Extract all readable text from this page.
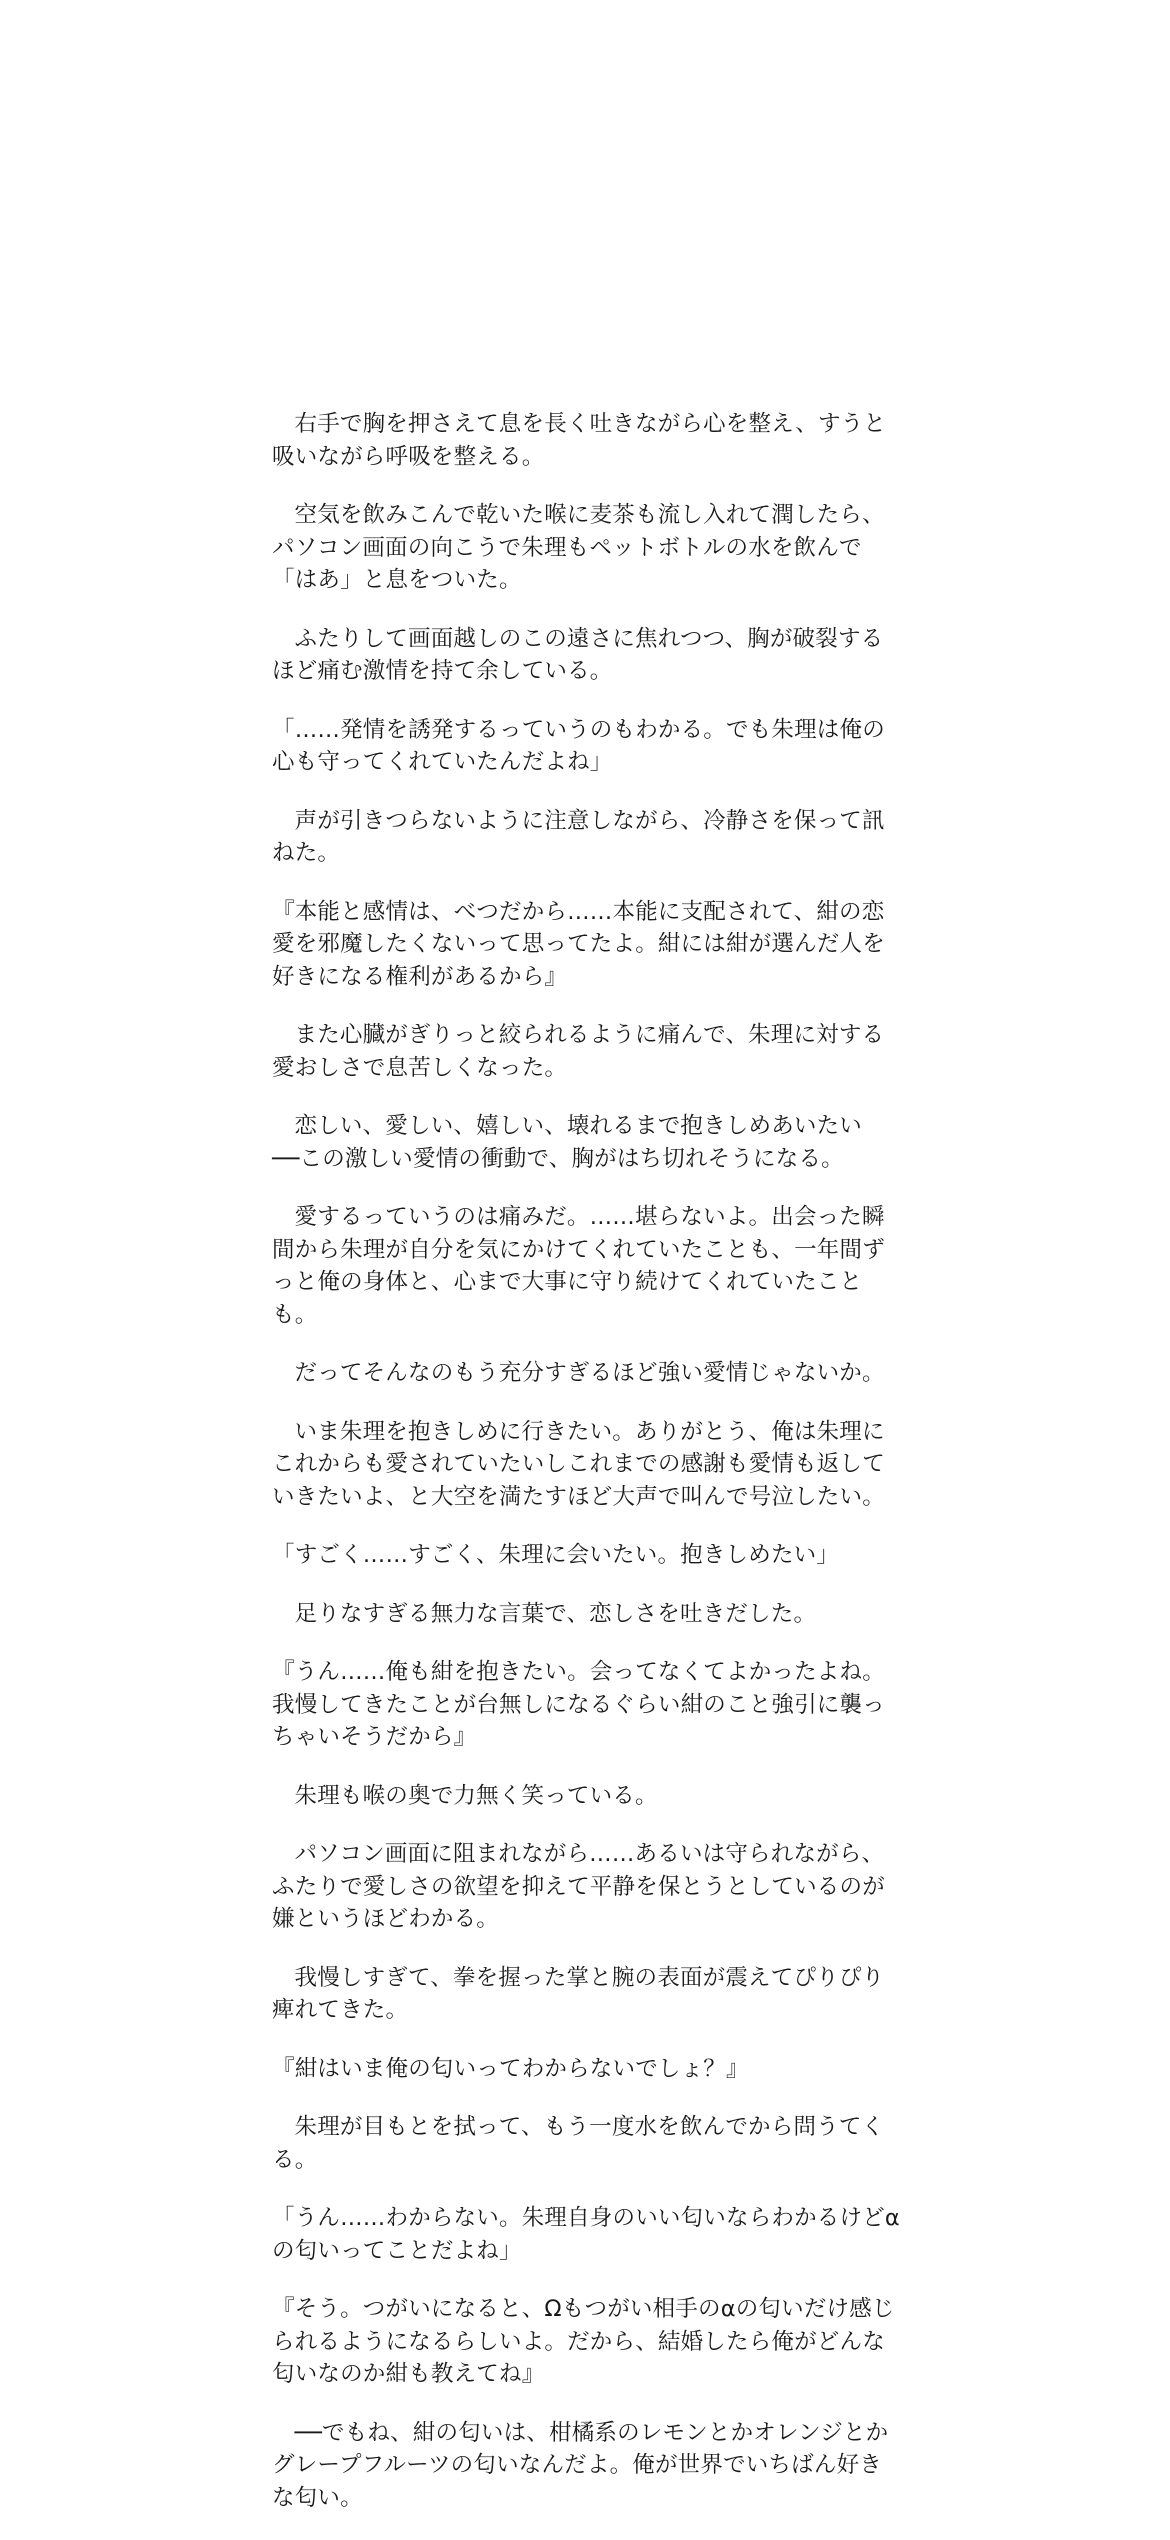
右手で胸を押さえて息を長く吐きながら心を整え、すうと吸いながら呼吸を整える。

空気を飲みこんで乾いた喉に麦茶も流し入れて潤したら、パソコン画面の向こうで朱理もペットボトルの水を飲んで「はあ」と息をついた。

ふたりして画面越しのこの遠さに焦れつつ、胸が破裂するほど痛む激情を持て余している。

「……発情を誘発するっていうのもわかる。でも朱理は俺の心も守ってくれていたんだよね」

声が引きつらないように注意しながら、冷静さを保って訊ねた。

『本能と感情は、べつだから……本能に支配されて、紺の恋愛を邪魔したくないって思ってたよ。紺には紺が選んだ人を好きになる権利があるから』

また心臓がぎりっと絞られるように痛んで、朱理に対する愛おしさで息苦しくなった。

恋しい、愛しい、嬉しい、壊れるまで抱きしめあいたい
──この激しい愛情の衝動で、胸がはち切れそうになる。

愛するっていうのは痛みだ。……堪らないよ。出会った瞬間から朱理が自分を気にかけてくれていたことも、一年間ずっと俺の身体と、心まで大事に守り続けてくれていたことも。

だってそんなのもう充分すぎるほど強い愛情じゃないか。

いま朱理を抱きしめに行きたい。ありがとう、俺は朱理にこれからも愛されていたいしこれまでの感謝も愛情も返していきたいよ、と大空を満たすほど大声で叫んで号泣したい。

「すごく……すごく、朱理に会いたい。抱きしめたい」

足りなすぎる無力な言葉で、恋しさを吐きだした。

『うん……俺も紺を抱きたい。会ってなくてよかったよね。我慢してきたことが台無しになるぐらい紺のこと強引に襲っちゃいそうだから』

朱理も喉の奥で力無く笑っている。

パソコン画面に阻まれながら……あるいは守られながら、ふたりで愛しさの欲望を抑えて平静を保とうとしているのが嫌というほどわかる。

我慢しすぎて、拳を握った掌と腕の表面が震えてぴりぴり痺れてきた。

『紺はいま俺の匂いってわからないでしょ？』

朱理が目もとを拭って、もう一度水を飲んでから問うてくる。

「うん……わからない。朱理自身のいい匂いならわかるけどαの匂いってことだよね」

『そう。つがいになると、Ωもつがい相手のαの匂いだけ感じられるようになるらしいよ。だから、結婚したら俺がどんな匂いなのか紺も教えてね』

──でもね、紺の匂いは、柑橘系のレモンとかオレンジとかグレープフルーツの匂いなんだよ。俺が世界でいちばん好きな匂い。
